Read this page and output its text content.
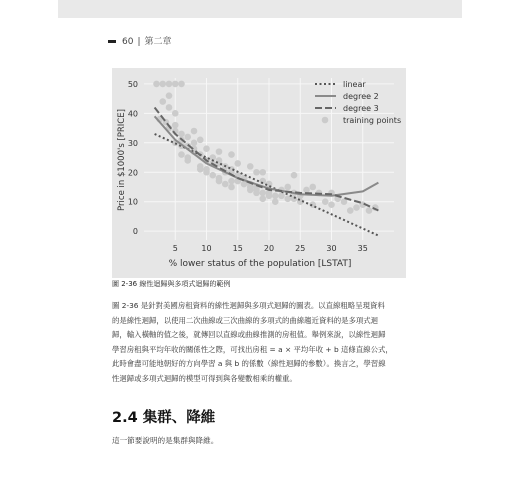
60 | 第二章
5	10	15	20	25	30	35
0
10
20
30
40
50
% lower status of the population [LSTAT]
Price in $1000's [PRICE]
linear
degree 2
degree 3
training points
圖 2-36 線性迴歸與多項式迴歸的範例

圖 2-36 是針對美國房租資料的線性迴歸與多項式迴歸的圖表。以直線粗略呈現資料

的是線性迴歸，以使用二次曲線或三次曲線的多項式的曲線趨近資料的是多項式迴

歸，輸入橫軸的值之後，就傳回以直線或曲線推測的房租值。舉例來說，以線性迴歸

學習房租與平均年收的關係性之際，可找出房租 = a × 平均年收 + b 這條直線公式，

此時會盡可能地朝好的方向學習 a 與 b 的係數（線性迴歸的參數）。換言之，學習線

性迴歸或多項式迴歸的模型可得到與各變數相乘的權重。

2.4 集群、降維
這一節要說明的是集群與降維。
